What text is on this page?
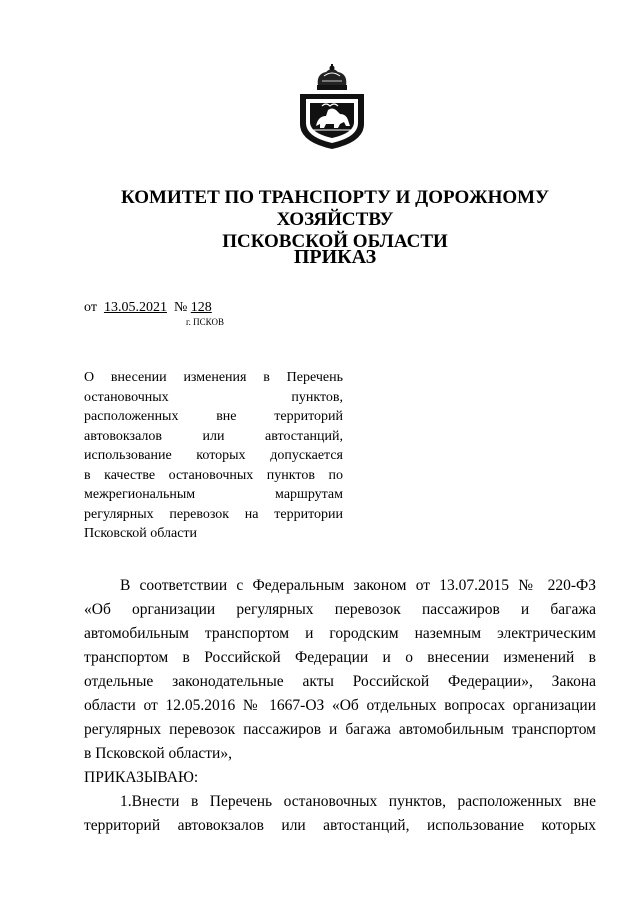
КОМИТЕТ ПО ТРАНСПОРТУ И ДОРОЖНОМУ ХОЗЯЙСТВУ
ПСКОВСКОЙ ОБЛАСТИ
ПРИКАЗ
от 13.05.2021 № 128
г. ПСКОВ
О внесении изменения в Перечень
остановочных пунктов,
расположенных вне территорий
автовокзалов или автостанций,
использование которых допускается
в качестве остановочных пунктов по
межрегиональным маршрутам
регулярных перевозок на территории
Псковской области
В соответствии с Федеральным законом от 13.07.2015 № 220-ФЗ
«Об организации регулярных перевозок пассажиров и багажа
автомобильным транспортом и городским наземным электрическим
транспортом в Российской Федерации и о внесении изменений в
отдельные законодательные акты Российской Федерации», Закона
области от 12.05.2016 № 1667-ОЗ «Об отдельных вопросах организации
регулярных перевозок пассажиров и багажа автомобильным транспортом
в Псковской области»,
ПРИКАЗЫВАЮ:
1.Внести в Перечень остановочных пунктов, расположенных вне
территорий автовокзалов или автостанций, использование которых
